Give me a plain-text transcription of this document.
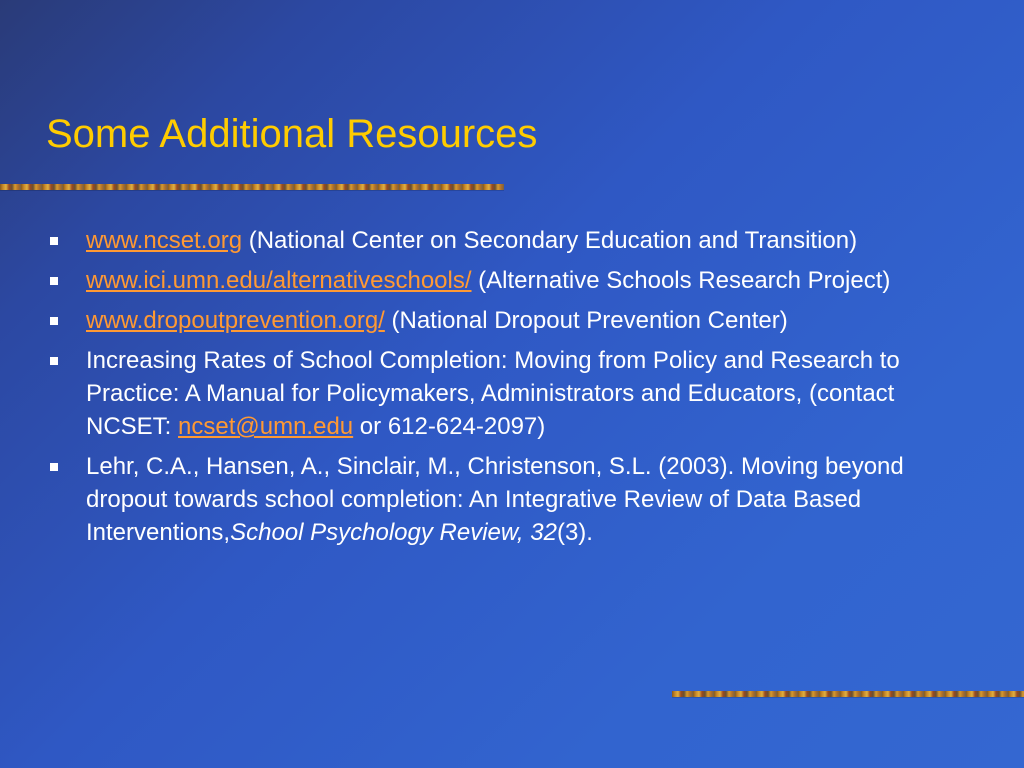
Some Additional Resources
www.ncset.org (National Center on Secondary Education and Transition)
www.ici.umn.edu/alternativeschools/ (Alternative Schools Research Project)
www.dropoutprevention.org/ (National Dropout Prevention Center)
Increasing Rates of School Completion: Moving from Policy and Research to Practice: A Manual for Policymakers, Administrators and Educators, (contact NCSET: ncset@umn.edu or 612-624-2097)
Lehr, C.A., Hansen, A., Sinclair, M., Christenson, S.L. (2003). Moving beyond dropout towards school completion: An Integrative Review of Data Based Interventions,School Psychology Review, 32(3).
